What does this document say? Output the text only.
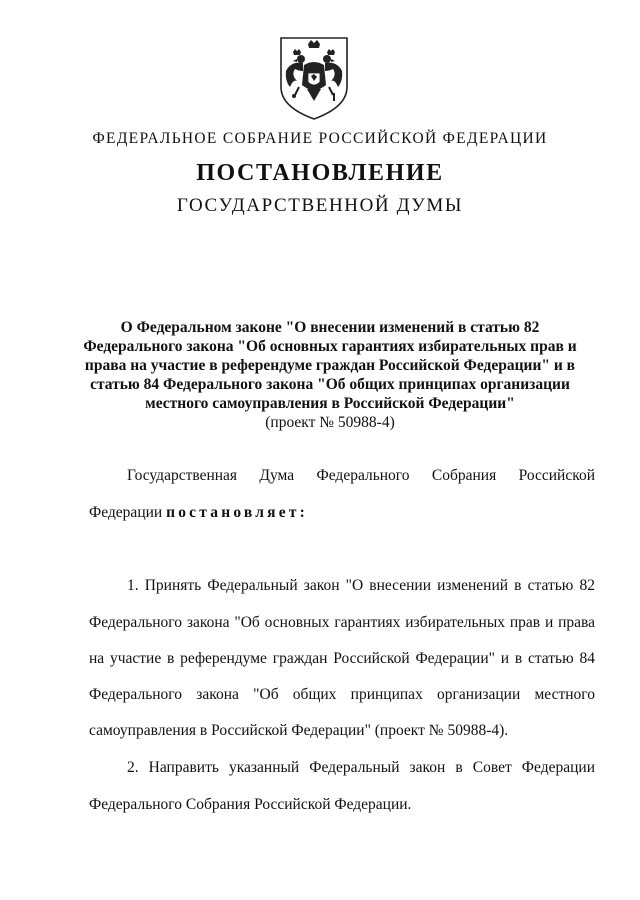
ФЕДЕРАЛЬНОЕ СОБРАНИЕ РОССИЙСКОЙ ФЕДЕРАЦИИ
ПОСТАНОВЛЕНИЕ
ГОСУДАРСТВЕННОЙ ДУМЫ
О Федеральном законе "О внесении изменений в статью 82
Федерального закона "Об основных гарантиях избирательных прав и
права на участие в референдуме граждан Российской Федерации" и в
статью 84 Федерального закона "Об общих принципах организации
местного самоуправления в Российской Федерации"
(проект № 50988-4)
Государственная Дума Федерального Собрания Российской
Федерации постановляет:
1. Принять Федеральный закон "О внесении изменений в статью 82
Федерального закона "Об основных гарантиях избирательных прав и права
на участие в референдуме граждан Российской Федерации" и в статью 84
Федерального закона "Об общих принципах организации местного
самоуправления в Российской Федерации" (проект № 50988-4).
2. Направить указанный Федеральный закон в Совет Федерации
Федерального Собрания Российской Федерации.
